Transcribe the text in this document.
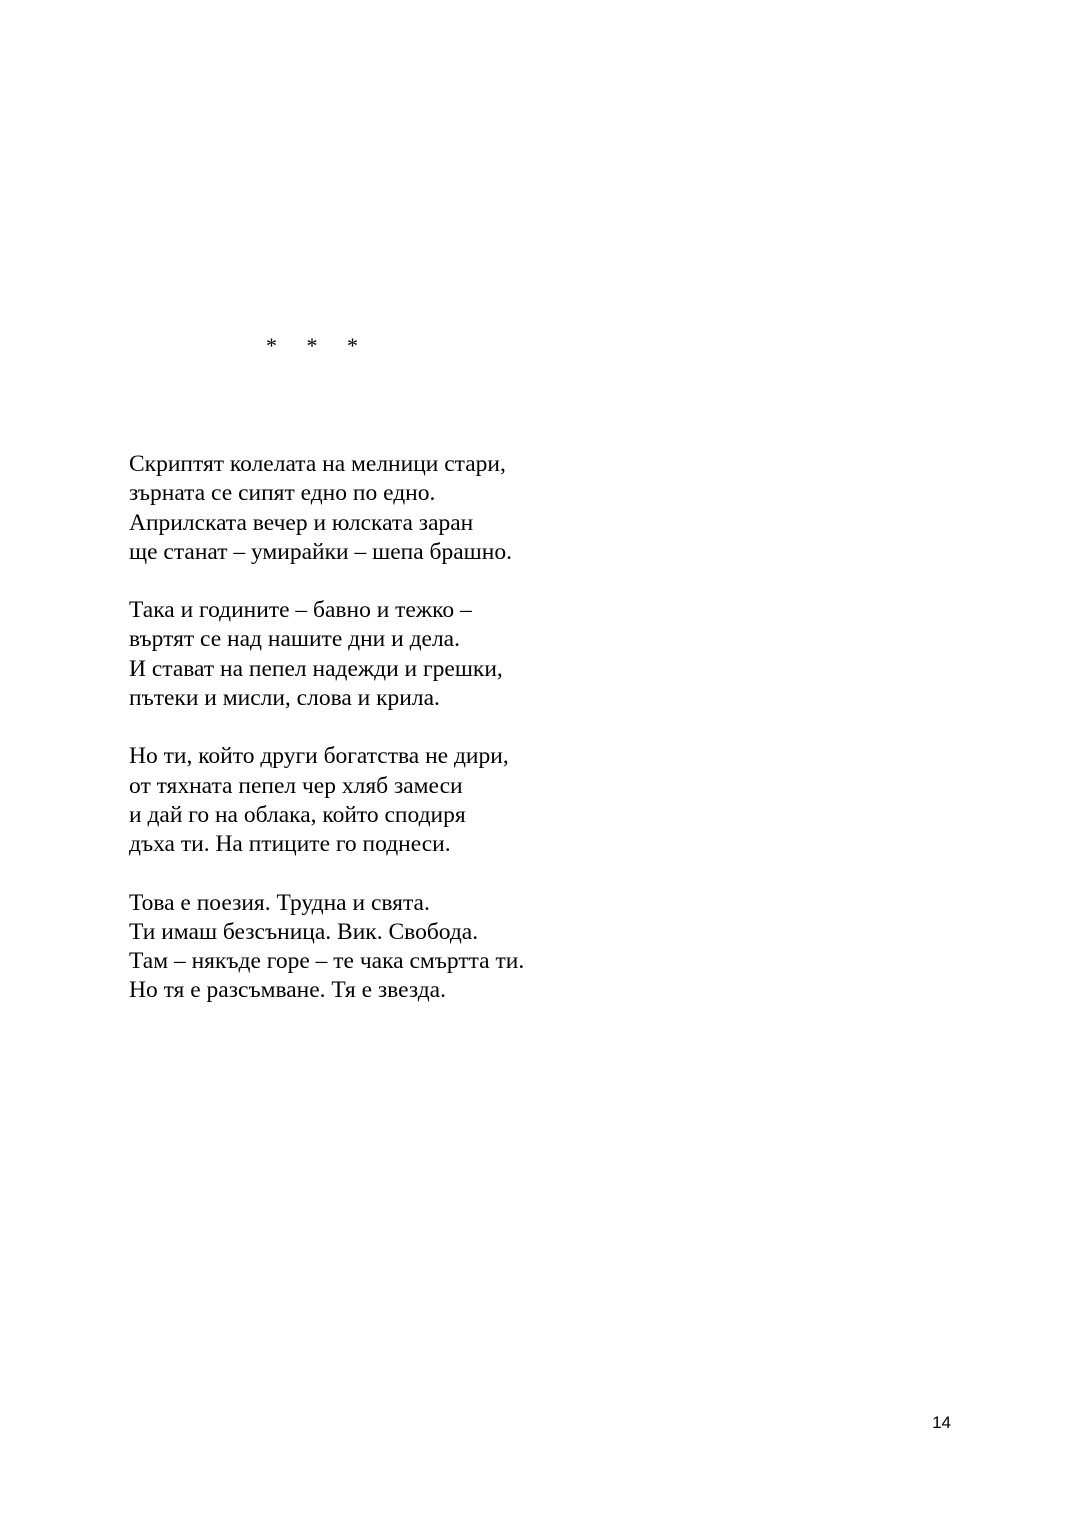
* * *
Скриптят колелата на мелници стари,
зърната се сипят едно по едно.
Априлската вечер и юлската заран
ще станат – умирайки – шепа брашно.
Така и годините – бавно и тежко –
въртят се над нашите дни и дела.
И стават на пепел надежди и грешки,
пътеки и мисли, слова и крила.
Но ти, който други богатства не дири,
от тяхната пепел чер хляб замеси
и дай го на облака, който сподиря
дъха ти. На птиците го поднеси.
Това е поезия. Трудна и свята.
Ти имаш безсъница. Вик. Свобода.
Там – някъде горе – те чака смъртта ти.
Но тя е разсъмване. Тя е звезда.
14
